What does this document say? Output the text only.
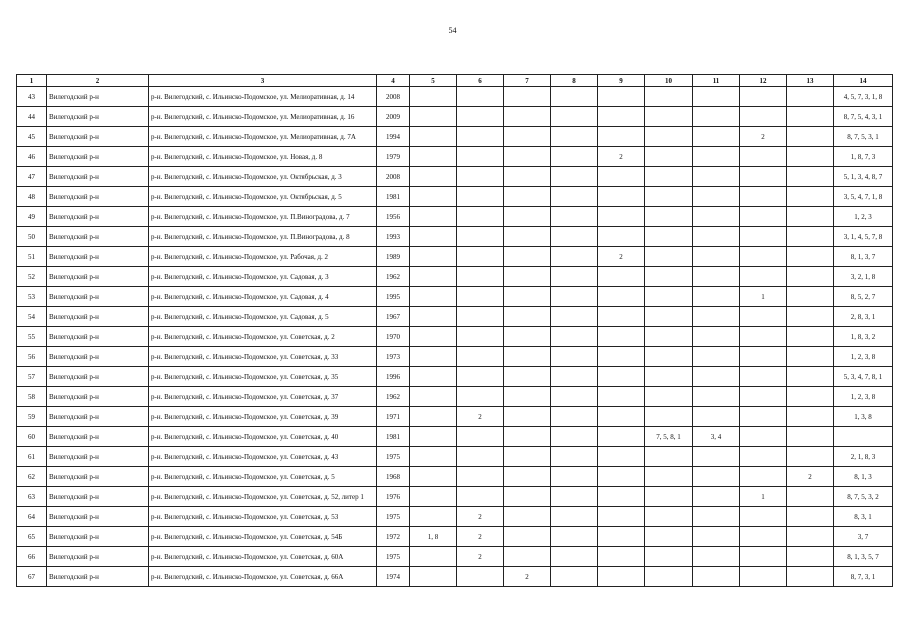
54
1	2	3	4	5	6	7	8	9	10	11	12	13	14
43	Вилегодский р-н	р-н. Вилегодский, с. Ильинско-Подомское, ул. Мелиоративная, д. 14	2008										4, 5, 7, 3, 1, 8
44	Вилегодский р-н	р-н. Вилегодский, с. Ильинско-Подомское, ул. Мелиоративная, д. 16	2009										8, 7, 5, 4, 3, 1
45	Вилегодский р-н	р-н. Вилегодский, с. Ильинско-Подомское, ул. Мелиоративная, д. 7А	1994								2		8, 7, 5, 3, 1
46	Вилегодский р-н	р-н. Вилегодский, с. Ильинско-Подомское, ул. Новая, д. 8	1979					2					1, 8, 7, 3
47	Вилегодский р-н	р-н. Вилегодский, с. Ильинско-Подомское, ул. Октябрьская, д. 3	2008										5, 1, 3, 4, 8, 7
48	Вилегодский р-н	р-н. Вилегодский, с. Ильинско-Подомское, ул. Октябрьская, д. 5	1981										3, 5, 4, 7, 1, 8
49	Вилегодский р-н	р-н. Вилегодский, с. Ильинско-Подомское, ул. П.Виноградова, д. 7	1956										1, 2, 3
50	Вилегодский р-н	р-н. Вилегодский, с. Ильинско-Подомское, ул. П.Виноградова, д. 8	1993										3, 1, 4, 5, 7, 8
51	Вилегодский р-н	р-н. Вилегодский, с. Ильинско-Подомское, ул. Рабочая, д. 2	1989					2					8, 1, 3, 7
52	Вилегодский р-н	р-н. Вилегодский, с. Ильинско-Подомское, ул. Садовая, д. 3	1962										3, 2, 1, 8
53	Вилегодский р-н	р-н. Вилегодский, с. Ильинско-Подомское, ул. Садовая, д. 4	1995								1		8, 5, 2, 7
54	Вилегодский р-н	р-н. Вилегодский, с. Ильинско-Подомское, ул. Садовая, д. 5	1967										2, 8, 3, 1
55	Вилегодский р-н	р-н. Вилегодский, с. Ильинско-Подомское, ул. Советская, д. 2	1970										1, 8, 3, 2
56	Вилегодский р-н	р-н. Вилегодский, с. Ильинско-Подомское, ул. Советская, д. 33	1973										1, 2, 3, 8
57	Вилегодский р-н	р-н. Вилегодский, с. Ильинско-Подомское, ул. Советская, д. 35	1996										5, 3, 4, 7, 8, 1
58	Вилегодский р-н	р-н. Вилегодский, с. Ильинско-Подомское, ул. Советская, д. 37	1962										1, 2, 3, 8
59	Вилегодский р-н	р-н. Вилегодский, с. Ильинско-Подомское, ул. Советская, д. 39	1971		2								1, 3, 8
60	Вилегодский р-н	р-н. Вилегодский, с. Ильинско-Подомское, ул. Советская, д. 40	1981						7, 5, 8, 1	3, 4			
61	Вилегодский р-н	р-н. Вилегодский, с. Ильинско-Подомское, ул. Советская, д. 43	1975										2, 1, 8, 3
62	Вилегодский р-н	р-н. Вилегодский, с. Ильинско-Подомское, ул. Советская, д. 5	1968									2	8, 1, 3
63	Вилегодский р-н	р-н. Вилегодский, с. Ильинско-Подомское, ул. Советская, д. 52, литер 1	1976								1		8, 7, 5, 3, 2
64	Вилегодский р-н	р-н. Вилегодский, с. Ильинско-Подомское, ул. Советская, д. 53	1975		2								8, 3, 1
65	Вилегодский р-н	р-н. Вилегодский, с. Ильинско-Подомское, ул. Советская, д. 54Б	1972	1, 8	2								3, 7
66	Вилегодский р-н	р-н. Вилегодский, с. Ильинско-Подомское, ул. Советская, д. 60А	1975		2								8, 1, 3, 5, 7
67	Вилегодский р-н	р-н. Вилегодский, с. Ильинско-Подомское, ул. Советская, д. 66А	1974			2							8, 7, 3, 1
